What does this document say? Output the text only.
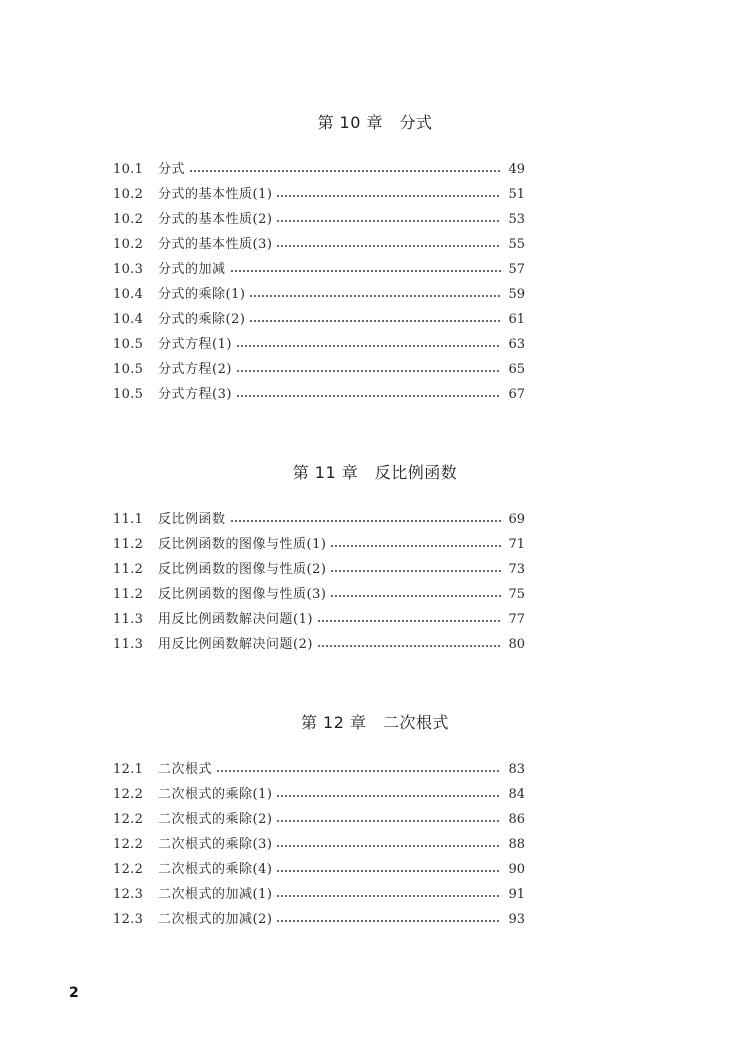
第 10 章　分式
10.1	分式	49
10.2	分式的基本性质(1)	51
10.2	分式的基本性质(2)	53
10.2	分式的基本性质(3)	55
10.3	分式的加减	57
10.4	分式的乘除(1)	59
10.4	分式的乘除(2)	61
10.5	分式方程(1)	63
10.5	分式方程(2)	65
10.5	分式方程(3)	67
第 11 章　反比例函数
11.1	反比例函数	69
11.2	反比例函数的图像与性质(1)	71
11.2	反比例函数的图像与性质(2)	73
11.2	反比例函数的图像与性质(3)	75
11.3	用反比例函数解决问题(1)	77
11.3	用反比例函数解决问题(2)	80
第 12 章　二次根式
12.1	二次根式	83
12.2	二次根式的乘除(1)	84
12.2	二次根式的乘除(2)	86
12.2	二次根式的乘除(3)	88
12.2	二次根式的乘除(4)	90
12.3	二次根式的加减(1)	91
12.3	二次根式的加减(2)	93
2
